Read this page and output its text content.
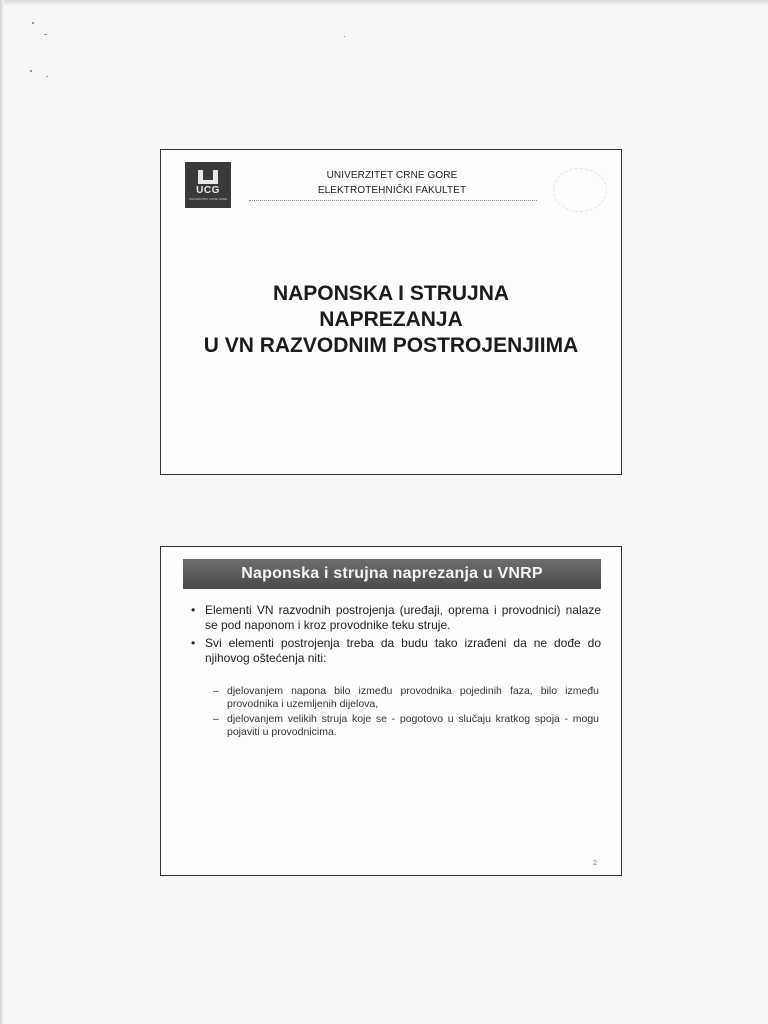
UCG
UNIVERZITET CRNE GORE
UNIVERZITET CRNE GORE
ELEKTROTEHNIČKI FAKULTET
NAPONSKA I STRUJNA
NAPREZANJA
U VN RAZVODNIM POSTROJENJIIMA
Naponska i strujna naprezanja u VNRP
• Elementi VN razvodnih postrojenja (uređaji, oprema i provodnici) nalaze se pod naponom i kroz provodnike teku struje.
• Svi elementi postrojenja treba da budu tako izrađeni da ne dođe do njihovog oštećenja niti:
– djelovanjem napona bilo između provodnika pojedinih faza, bilo između provodnika i uzemljenih dijelova,
– djelovanjem velikih struja koje se - pogotovo u slučaju kratkog spoja - mogu pojaviti u provodnicima.
2
